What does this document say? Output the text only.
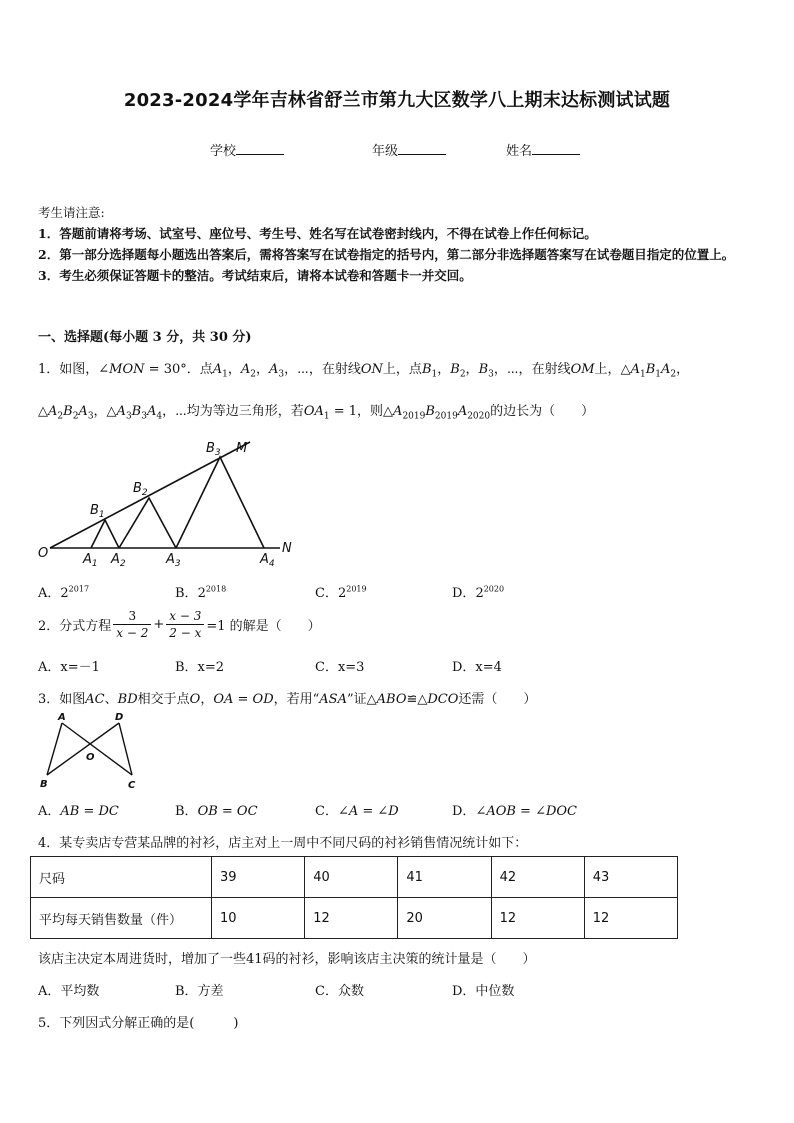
2023-2024学年吉林省舒兰市第九大区数学八上期末达标测试试题
学校	年级	姓名
考生请注意:
1．答题前请将考场、试室号、座位号、考生号、姓名写在试卷密封线内，不得在试卷上作任何标记。
2．第一部分选择题每小题选出答案后，需将答案写在试卷指定的括号内，第二部分非选择题答案写在试卷题目指定的位置上。
3．考生必须保证答题卡的整洁。考试结束后，请将本试卷和答题卡一并交回。
一、选择题(每小题 3 分，共 30 分)
1．如图，∠MON = 30°．点$A_1$，$A_2$，$A_3$，⋯，在射线ON上，点$B_1$，$B_2$，$B_3$，⋯，在射线OM上，$\triangle A_1B_1A_2$，
$\triangle A_2B_2A_3$，$\triangle A_3B_3A_4$，⋯均为等边三角形，若$OA_1 = 1$，则$\triangle A_{2019}B_{2019}A_{2020}$的边长为（　　）
O
M
N
$A_1$ $A_2$	$A_3$	$A_4$
$B_1$
$B_2$
$B_3$
A．$2^{2017}$	B．$2^{2018}$	C．$2^{2019}$	D．$2^{2020}$
2．分式方程 $\frac{3}{x - 2} + \frac{x - 3}{2 - x} =1$ 的解是（　　）
A．x=－1	B．x=2	C．x=3	D．x=4
3．如图AC、BD相交于点O，OA = OD，若用“ASA”证△ABO≌△DCO还需（　　）
A	D
B	C
O
A．AB = DC	B．OB = OC	C．∠A = ∠D	D．∠AOB = ∠DOC
4．某专卖店专营某品牌的衬衫，店主对上一周中不同尺码的衬衫销售情况统计如下：
尺码	39	40	41	42	43
平均每天销售数量（件）	10	12	20	12	12
该店主决定本周进货时，增加了一些41码的衬衫，影响该店主决策的统计量是（　　）
A．平均数	B．方差	C．众数	D．中位数
5．下列因式分解正确的是(　　　)
